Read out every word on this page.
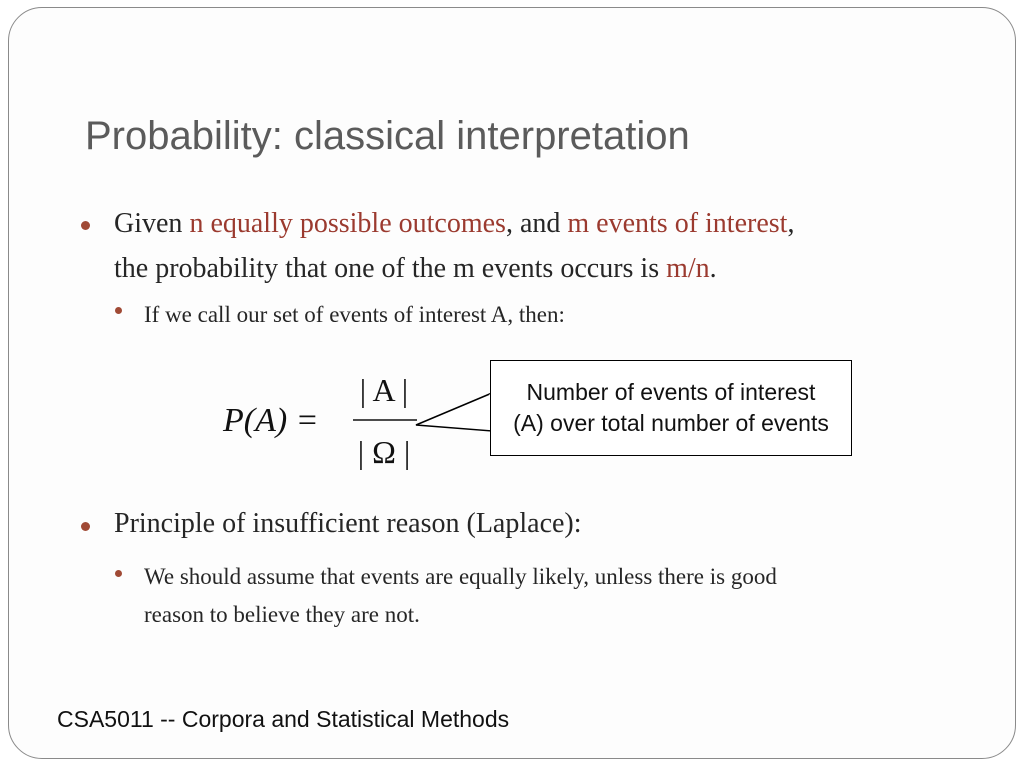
Probability: classical interpretation
Given n equally possible outcomes, and m events of interest,
the probability that one of the m events occurs is m/n.
If we call our set of events of interest A, then:
P(A) =
| A |
| Ω |
Number of events of interest (A) over total number of events
Principle of insufficient reason (Laplace):
We should assume that events are equally likely, unless there is good
reason to believe they are not.
CSA5011 -- Corpora and Statistical Methods
